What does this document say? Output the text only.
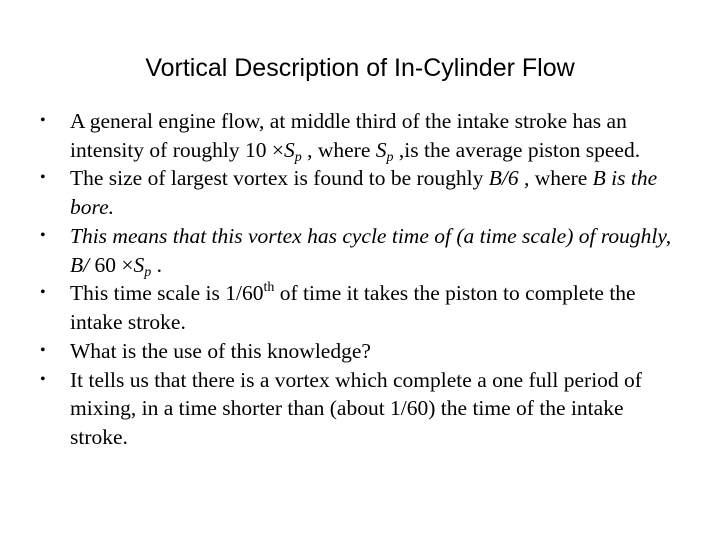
Vortical Description of In-Cylinder Flow
• A general engine flow, at middle third of the intake stroke has an intensity of roughly $10 \times S_p$ , where $S_p$ ,is the average piston speed.
• The size of largest vortex is found to be roughly B/6 , where B is the bore.
• This means that this vortex has cycle time of (a time scale) of roughly, B/ $60 \times S_p$ .
• This time scale is 1/60th of time it takes the piston to complete the intake stroke.
• What is the use of this knowledge?
• It tells us that there is a vortex which complete a one full period of mixing, in a time shorter than (about 1/60) the time of the intake stroke.
